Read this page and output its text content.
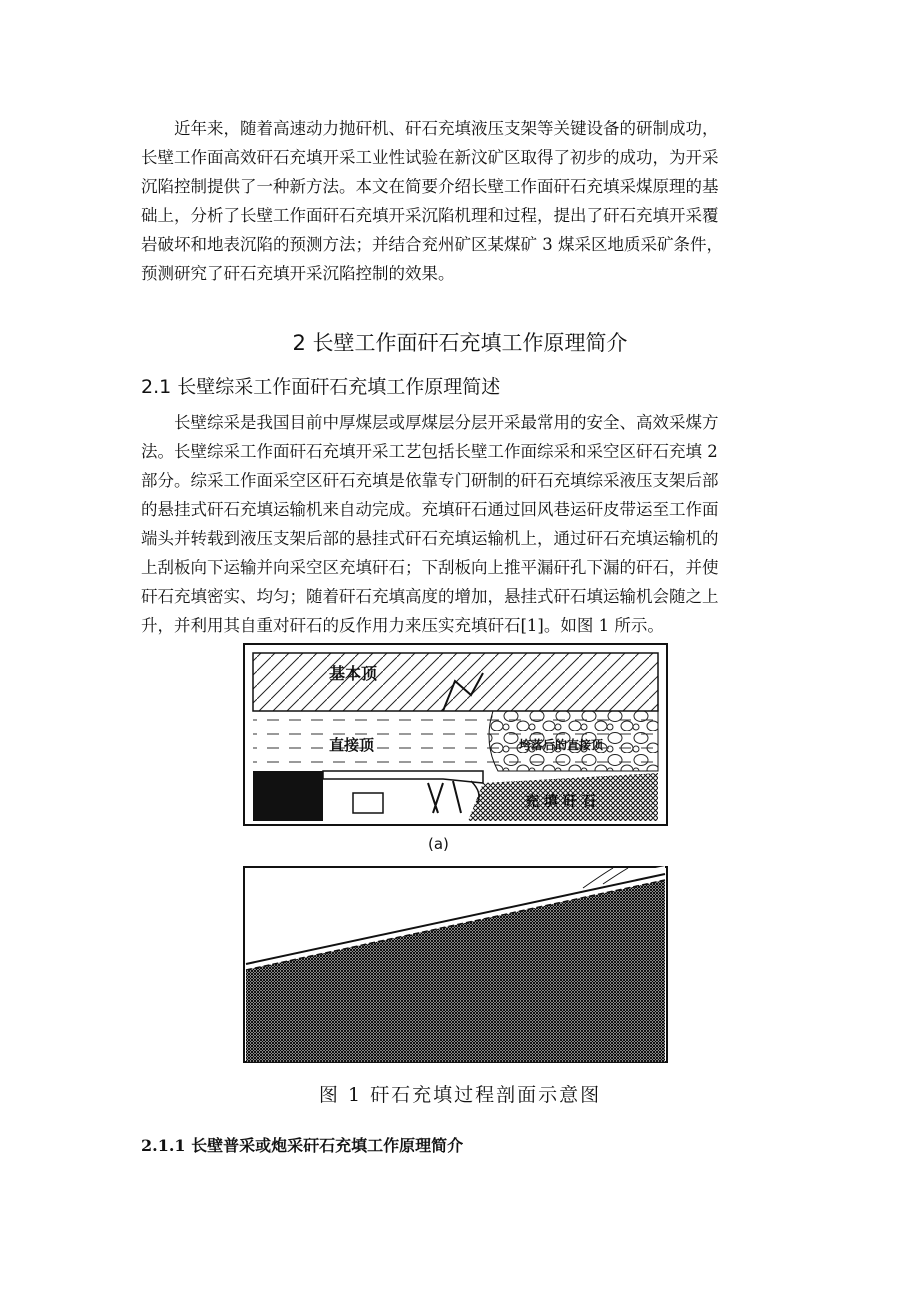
近年来，随着高速动力抛矸机、矸石充填液压支架等关键设备的研制成功，
长壁工作面高效矸石充填开采工业性试验在新汶矿区取得了初步的成功，为开采
沉陷控制提供了一种新方法。本文在简要介绍长壁工作面矸石充填采煤原理的基
础上，分析了长壁工作面矸石充填开采沉陷机理和过程，提出了矸石充填开采覆
岩破坏和地表沉陷的预测方法；并结合兖州矿区某煤矿 3 煤采区地质采矿条件，
预测研究了矸石充填开采沉陷控制的效果。

2 长壁工作面矸石充填工作原理简介
2.1 长壁综采工作面矸石充填工作原理简述

长壁综采是我国目前中厚煤层或厚煤层分层开采最常用的安全、高效采煤方
法。长壁综采工作面矸石充填开采工艺包括长壁工作面综采和采空区矸石充填 2
部分。综采工作面采空区矸石充填是依靠专门研制的矸石充填综采液压支架后部
的悬挂式矸石充填运输机来自动完成。充填矸石通过回风巷运矸皮带运至工作面
端头并转载到液压支架后部的悬挂式矸石充填运输机上，通过矸石充填运输机的
上刮板向下运输并向采空区充填矸石；下刮板向上推平漏矸孔下漏的矸石，并使
矸石充填密实、均匀；随着矸石充填高度的增加，悬挂式矸石填运输机会随之上
升，并利用其自重对矸石的反作用力来压实充填矸石[1]。如图 1 所示。

基本顶
直接顶	垮落后的直接顶
充 填 矸 石
(a)
图 1 矸石充填过程剖面示意图
2.1.1 长壁普采或炮采矸石充填工作原理简介
